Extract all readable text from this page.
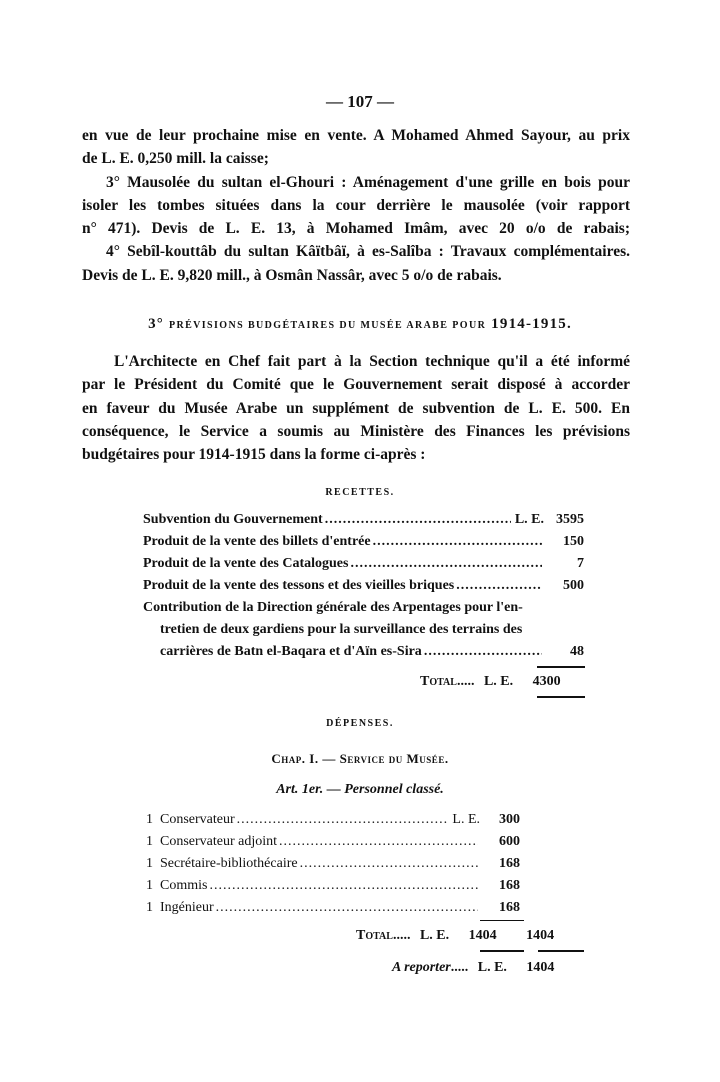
— 107 —
en vue de leur prochaine mise en vente. A Mohamed Ahmed Sayour, au prix
de L. E. 0,250 mill. la caisse;
3° Mausolée du sultan el-Ghouri : Aménagement d'une grille en bois pour
isoler les tombes situées dans la cour derrière le mausolée (voir rapport
n° 471). Devis de L. E. 13, à Mohamed Imâm, avec 20 o/o de rabais;
4° Sebîl-kouttâb du sultan Kâïtbâï, à es-Salîba : Travaux complémentaires.
Devis de L. E. 9,820 mill., à Osmân Nassâr, avec 5 o/o de rabais.
3° PRÉVISIONS BUDGÉTAIRES DU MUSÉE ARABE POUR 1914-1915.
L'Architecte en Chef fait part à la Section technique qu'il a été informé
par le Président du Comité que le Gouvernement serait disposé à accorder
en faveur du Musée Arabe un supplément de subvention de L. E. 500. En
conséquence, le Service a soumis au Ministère des Finances les prévisions
budgétaires pour 1914-1915 dans la forme ci-après :
RECETTES.
Subvention du Gouvernement .....	L. E. 3595
Produit de la vente des billets d'entrée .....	150
Produit de la vente des Catalogues .....	7
Produit de la vente des tessons et des vieilles briques .....	500
Contribution de la Direction générale des Arpentages pour l'en-
tretien de deux gardiens pour la surveillance des terrains des
carrières de Batn el-Baqara et d'Aïn es-Sira .....	48
Total..... L. E. 4300
DÉPENSES.
Chap. I. — Service du Musée.
Art. 1er. — Personnel classé.
1 Conservateur .....	L. E.	300
1 Conservateur adjoint .....	600
1 Secrétaire-bibliothécaire .....	168
1 Commis .....	168
1 Ingénieur .....	168
Total..... L. E. 1404 1404
A reporter..... L. E. 1404
